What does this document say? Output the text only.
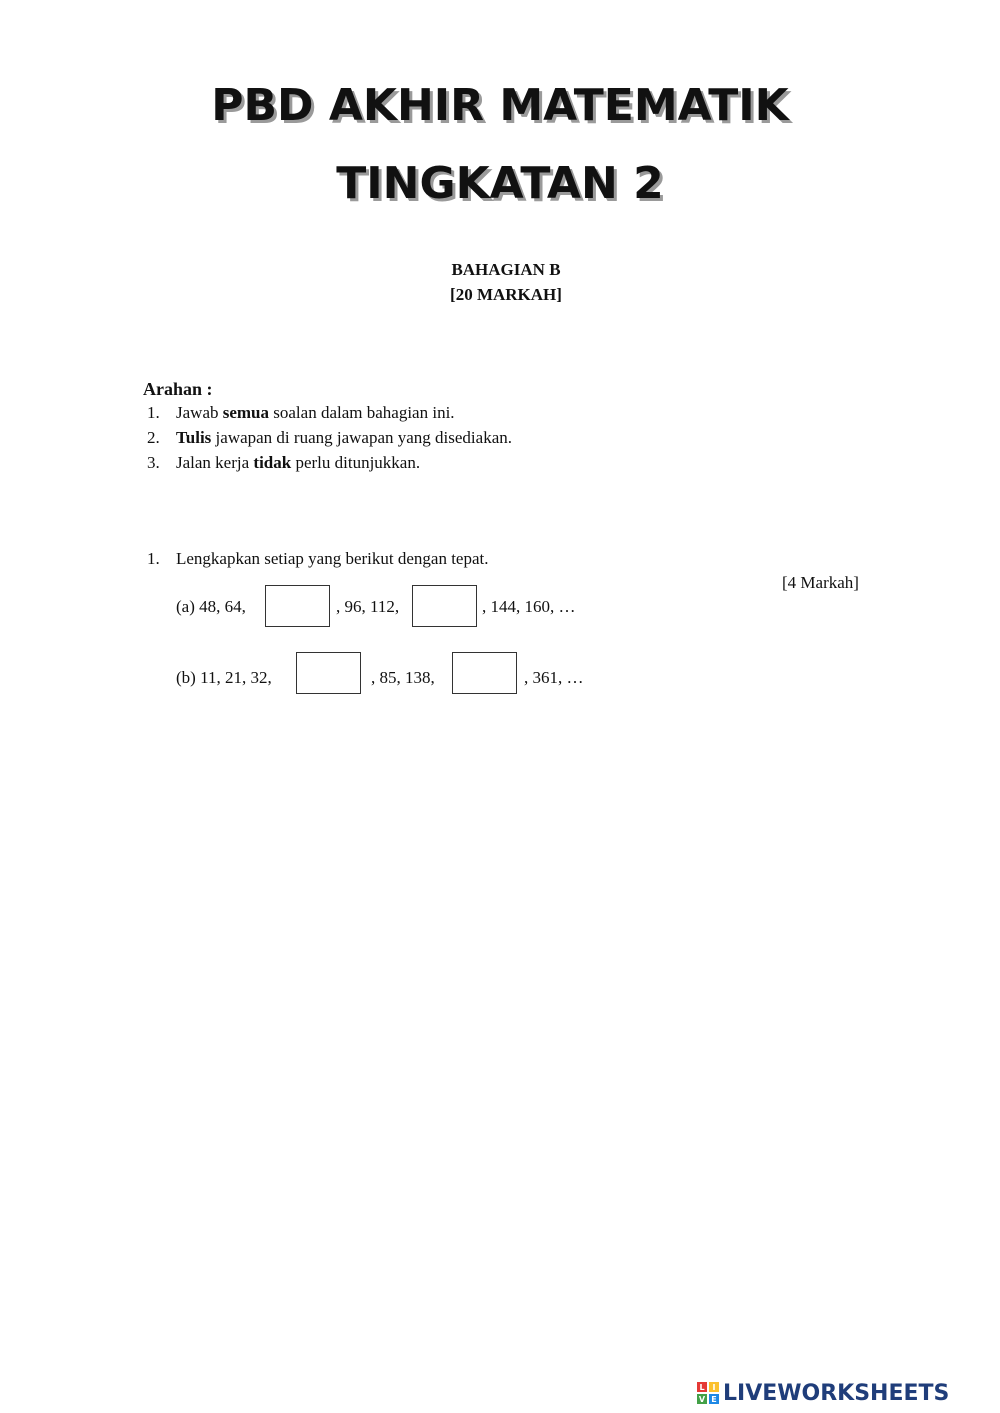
PBD AKHIR MATEMATIK
TINGKATAN 2
BAHAGIAN B
[20 MARKAH]
Arahan :
1. Jawab semua soalan dalam bahagian ini.
2. Tulis jawapan di ruang jawapan yang disediakan.
3. Jalan kerja tidak perlu ditunjukkan.
1. Lengkapkan setiap yang berikut dengan tepat.
[4 Markah]
(a) 48, 64,	, 96, 112,	, 144, 160, …
(b) 11, 21, 32,	, 85, 138,	, 361, …
L I
V E LIVEWORKSHEETS
